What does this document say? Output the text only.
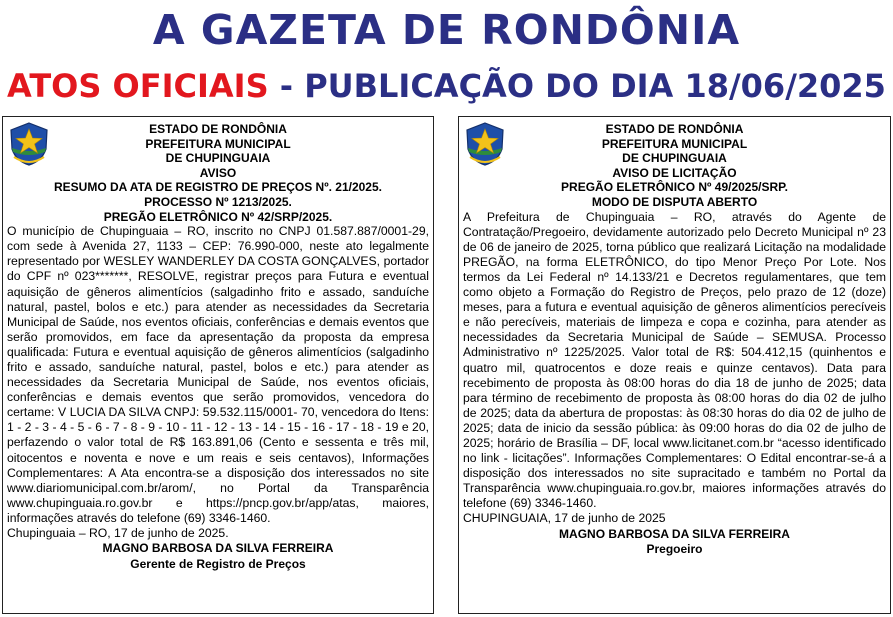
A GAZETA DE RONDÔNIA
ATOS OFICIAIS - PUBLICAÇÃO DO DIA 18/06/2025
ESTADO DE RONDÔNIA
PREFEITURA MUNICIPAL
DE CHUPINGUAIA
AVISO
RESUMO DA ATA DE REGISTRO DE PREÇOS Nº. 21/2025.
PROCESSO Nº 1213/2025.
PREGÃO ELETRÔNICO Nº 42/SRP/2025.
O município de Chupinguaia – RO, inscrito no CNPJ 01.587.887/0001-29, com sede à Avenida 27, 1133 – CEP: 76.990-000, neste ato legalmente representado por WESLEY WANDERLEY DA COSTA GONÇALVES, portador do CPF nº 023*******, RESOLVE, registrar preços para Futura e eventual aquisição de gêneros alimentícios (salgadinho frito e assado, sanduíche natural, pastel, bolos e etc.) para atender as necessidades da Secretaria Municipal de Saúde, nos eventos oficiais, conferências e demais eventos que serão promovidos, em face da apresentação da proposta da empresa qualificada: Futura e eventual aquisição de gêneros alimentícios (salgadinho frito e assado, sanduíche natural, pastel, bolos e etc.) para atender as necessidades da Secretaria Municipal de Saúde, nos eventos oficiais, conferências e demais eventos que serão promovidos, vencedora do certame: V LUCIA DA SILVA CNPJ: 59.532.115/0001- 70, vencedora do Itens: 1 - 2 - 3 - 4 - 5 - 6 - 7 - 8 - 9 - 10 - 11 - 12 - 13 - 14 - 15 - 16 - 17 - 18 - 19 e 20, perfazendo o valor total de R$ 163.891,06 (Cento e sessenta e três mil, oitocentos e noventa e nove e um reais e seis centavos), Informações Complementares: A Ata encontra-se a disposição dos interessados no site www.diariomunicipal.com.br/arom/, no Portal da Transparência www.chupinguaia.ro.gov.br e https://pncp.gov.br/app/atas, maiores, informações através do telefone (69) 3346-1460.
Chupinguaia – RO, 17 de junho de 2025.
MAGNO BARBOSA DA SILVA FERREIRA
Gerente de Registro de Preços
ESTADO DE RONDÔNIA
PREFEITURA MUNICIPAL
DE CHUPINGUAIA
AVISO DE LICITAÇÃO
PREGÃO ELETRÔNICO Nº 49/2025/SRP.
MODO DE DISPUTA ABERTO
A Prefeitura de Chupinguaia – RO, através do Agente de Contratação/Pregoeiro, devidamente autorizado pelo Decreto Municipal nº 23 de 06 de janeiro de 2025, torna público que realizará Licitação na modalidade PREGÃO, na forma ELETRÔNICO, do tipo Menor Preço Por Lote. Nos termos da Lei Federal nº 14.133/21 e Decretos regulamentares, que tem como objeto a Formação do Registro de Preços, pelo prazo de 12 (doze) meses, para a futura e eventual aquisição de gêneros alimentícios perecíveis e não perecíveis, materiais de limpeza e copa e cozinha, para atender as necessidades da Secretaria Municipal de Saúde – SEMUSA. Processo Administrativo nº 1225/2025. Valor total de R$: 504.412,15 (quinhentos e quatro mil, quatrocentos e doze reais e quinze centavos). Data para recebimento de proposta às 08:00 horas do dia 18 de junho de 2025; data para término de recebimento de proposta às 08:00 horas do dia 02 de julho de 2025; data da abertura de propostas: às 08:30 horas do dia 02 de julho de 2025; data de inicio da sessão pública: às 09:00 horas do dia 02 de julho de 2025; horário de Brasília – DF, local www.licitanet.com.br “acesso identificado no link - licitações”. Informações Complementares: O Edital encontrar-se-á a disposição dos interessados no site supracitado e também no Portal da Transparência www.chupinguaia.ro.gov.br, maiores informações através do telefone (69) 3346-1460.
CHUPINGUAIA, 17 de junho de 2025
MAGNO BARBOSA DA SILVA FERREIRA
Pregoeiro
